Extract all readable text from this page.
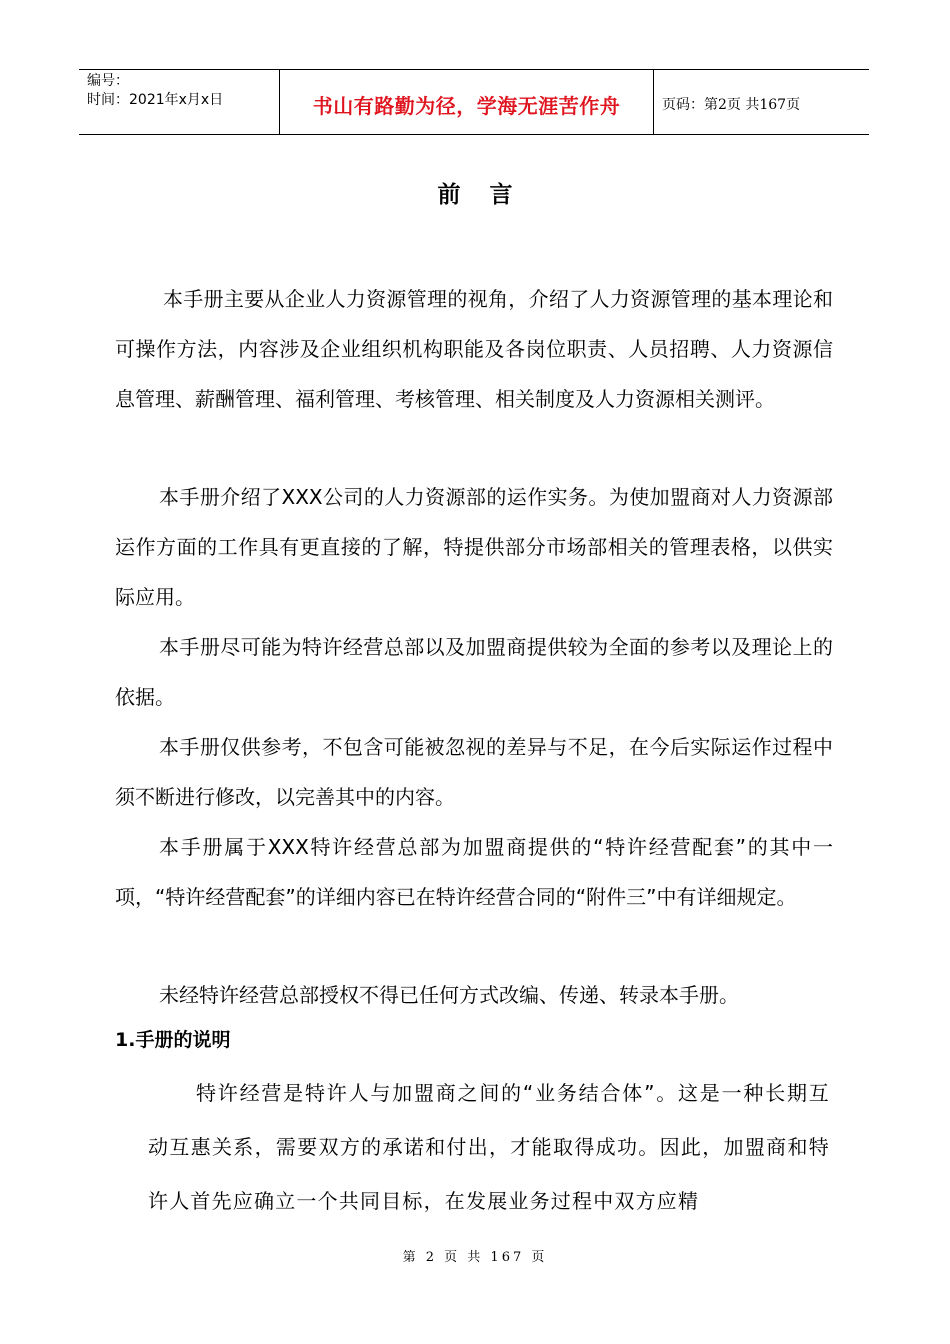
编号：
时间：2021年x月x日	书山有路勤为径，学海无涯苦作舟	页码：第2页 共167页
前言

本手册主要从企业人力资源管理的视角，介绍了人力资源管理的基本理论和可操作方法，内容涉及企业组织机构职能及各岗位职责、人员招聘、人力资源信息管理、薪酬管理、福利管理、考核管理、相关制度及人力资源相关测评。

本手册介绍了XXX公司的人力资源部的运作实务。为使加盟商对人力资源部运作方面的工作具有更直接的了解，特提供部分市场部相关的管理表格，以供实际应用。

本手册尽可能为特许经营总部以及加盟商提供较为全面的参考以及理论上的依据。

本手册仅供参考，不包含可能被忽视的差异与不足，在今后实际运作过程中须不断进行修改，以完善其中的内容。

本手册属于XXX特许经营总部为加盟商提供的“特许经营配套”的其中一项，“特许经营配套”的详细内容已在特许经营合同的“附件三”中有详细规定。

未经特许经营总部授权不得已任何方式改编、传递、转录本手册。

1.手册的说明

特许经营是特许人与加盟商之间的“业务结合体”。这是一种长期互动互惠关系，需要双方的承诺和付出，才能取得成功。因此，加盟商和特许人首先应确立一个共同目标，在发展业务过程中双方应精

第 2 页 共 167 页
